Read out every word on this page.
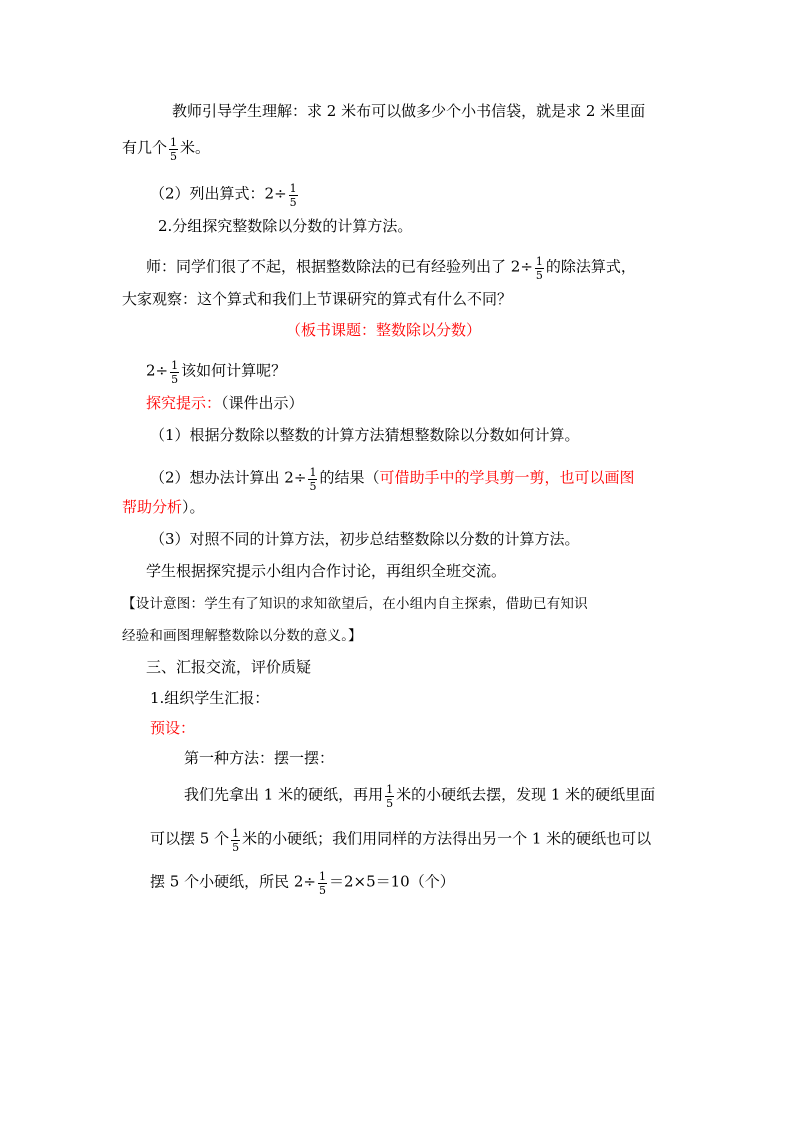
教师引导学生理解：求 2 米布可以做多少个小书信袋，就是求 2 米里面
有几个 $\frac{1}{5}$ 米。
（2）列出算式：$2\div \frac{1}{5}$
2.分组探究整数除以分数的计算方法。
师：同学们很了不起，根据整数除法的已有经验列出了 $2\div \frac{1}{5}$ 的除法算式，
大家观察：这个算式和我们上节课研究的算式有什么不同？
（板书课题：整数除以分数）
$2\div \frac{1}{5}$ 该如何计算呢？
探究提示：（课件出示）
（1）根据分数除以整数的计算方法猜想整数除以分数如何计算。
（2）想办法计算出 $2\div \frac{1}{5}$ 的结果（可借助手中的学具剪一剪，也可以画图
帮助分析）。
（3）对照不同的计算方法，初步总结整数除以分数的计算方法。
学生根据探究提示小组内合作讨论，再组织全班交流。
【设计意图：学生有了知识的求知欲望后，在小组内自主探索，借助已有知识
经验和画图理解整数除以分数的意义。】
三、汇报交流，评价质疑
1.组织学生汇报：
预设：
第一种方法：摆一摆：
我们先拿出 1 米的硬纸，再用 $\frac{1}{5}$ 米的小硬纸去摆，发现 1 米的硬纸里面
可以摆 5 个 $\frac{1}{5}$ 米的小硬纸；我们用同样的方法得出另一个 1 米的硬纸也可以
摆 5 个小硬纸，所民 $2\div \frac{1}{5} =2\times 5=10$（个）
